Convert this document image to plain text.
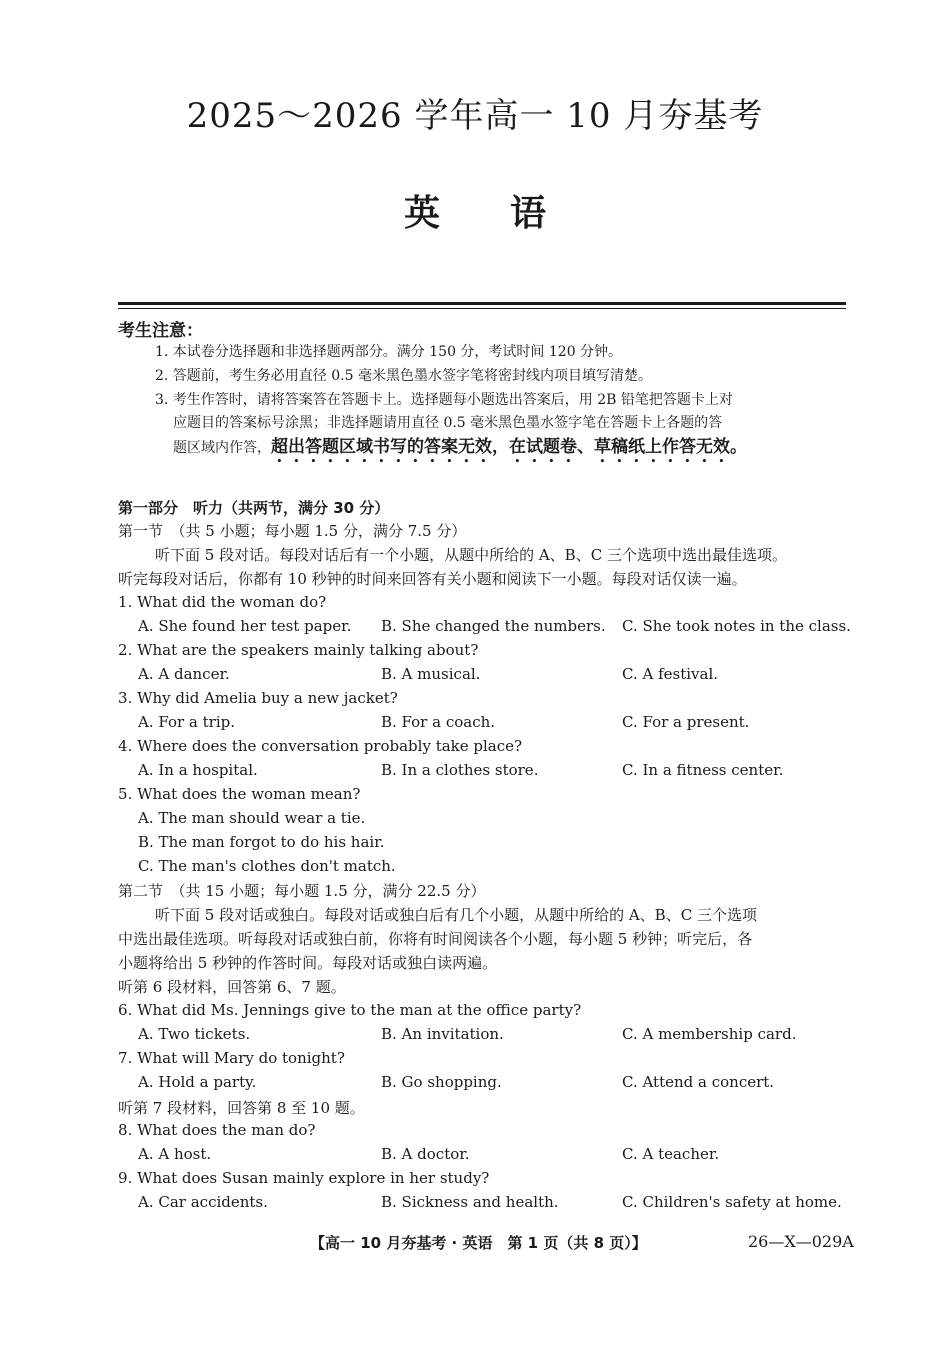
2025～2026 学年高一 10 月夯基考
英语
考生注意：
1. 本试卷分选择题和非选择题两部分。满分 150 分，考试时间 120 分钟。
2. 答题前，考生务必用直径 0.5 毫米黑色墨水签字笔将密封线内项目填写清楚。
3. 考生作答时，请将答案答在答题卡上。选择题每小题选出答案后，用 2B 铅笔把答题卡上对
应题目的答案标号涂黑；非选择题请用直径 0.5 毫米黑色墨水签字笔在答题卡上各题的答
题区域内作答，超出答题区域书写的答案无效，在试题卷、草稿纸上作答无效。
第一部分　听力（共两节，满分 30 分）
第一节　（共 5 小题；每小题 1.5 分，满分 7.5 分）
听下面 5 段对话。每段对话后有一个小题，从题中所给的 A、B、C 三个选项中选出最佳选项。
听完每段对话后，你都有 10 秒钟的时间来回答有关小题和阅读下一小题。每段对话仅读一遍。
1. What did the woman do?
A. She found her test paper. B. She changed the numbers. C. She took notes in the class.
2. What are the speakers mainly talking about?
A. A dancer.	B. A musical.	C. A festival.
3. Why did Amelia buy a new jacket?
A. For a trip.	B. For a coach.	C. For a present.
4. Where does the conversation probably take place?
A. In a hospital.	B. In a clothes store.	C. In a fitness center.
5. What does the woman mean?
A. The man should wear a tie.
B. The man forgot to do his hair.
C. The man's clothes don't match.
第二节　（共 15 小题；每小题 1.5 分，满分 22.5 分）
听下面 5 段对话或独白。每段对话或独白后有几个小题，从题中所给的 A、B、C 三个选项
中选出最佳选项。听每段对话或独白前，你将有时间阅读各个小题，每小题 5 秒钟；听完后，各
小题将给出 5 秒钟的作答时间。每段对话或独白读两遍。
听第 6 段材料，回答第 6、7 题。
6. What did Ms. Jennings give to the man at the office party?
A. Two tickets.	B. An invitation.	C. A membership card.
7. What will Mary do tonight?
A. Hold a party.	B. Go shopping.	C. Attend a concert.
听第 7 段材料，回答第 8 至 10 题。
8. What does the man do?
A. A host.	B. A doctor.	C. A teacher.
9. What does Susan mainly explore in her study?
A. Car accidents.	B. Sickness and health.	C. Children's safety at home.
【高一 10 月夯基考 · 英语　第 1 页（共 8 页）】	26—X—029A
